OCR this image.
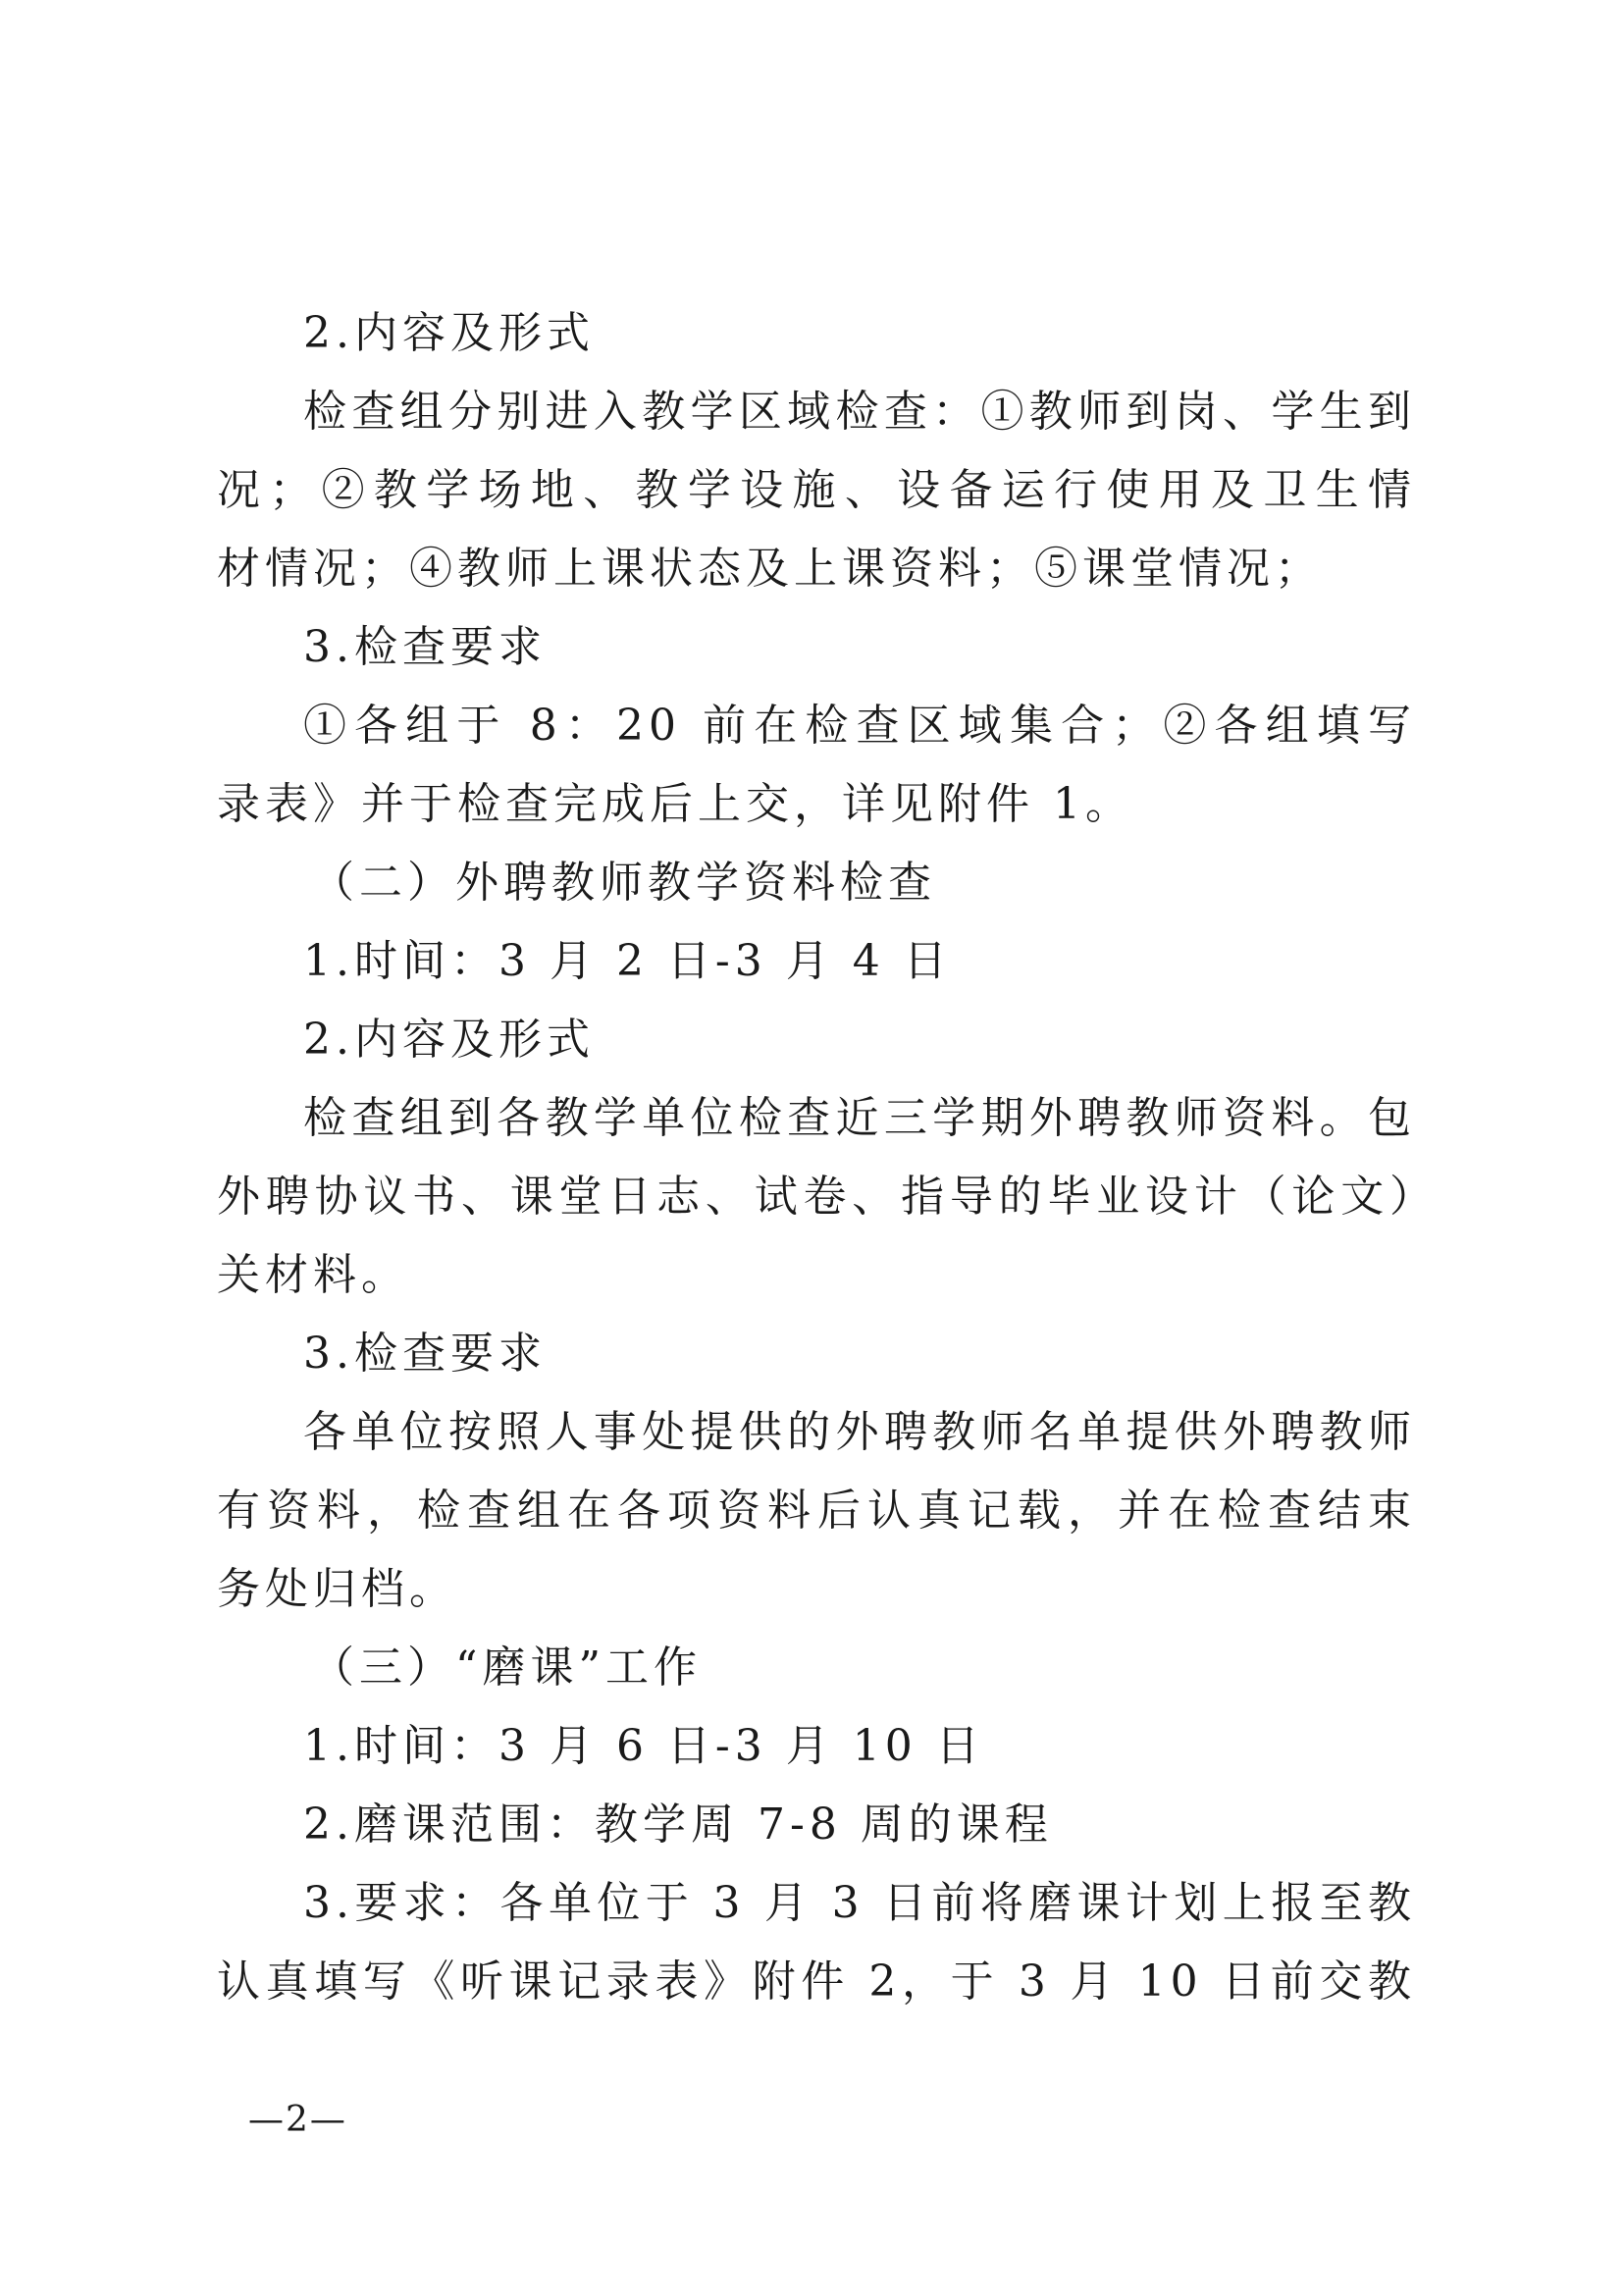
2.内容及形式
检查组分别进入教学区域检查：①教师到岗、学生到
况；②教学场地、教学设施、设备运行使用及卫生情
材情况；④教师上课状态及上课资料；⑤课堂情况；
3.检查要求
①各组于 8：20 前在检查区域集合；②各组填写
录表》并于检查完成后上交，详见附件 1。
（二）外聘教师教学资料检查
1.时间：3 月 2 日-3 月 4 日
2.内容及形式
检查组到各教学单位检查近三学期外聘教师资料。包
外聘协议书、课堂日志、试卷、指导的毕业设计（论文）
关材料。
3.检查要求
各单位按照人事处提供的外聘教师名单提供外聘教师
有资料，检查组在各项资料后认真记载，并在检查结束
务处归档。
（三）“磨课”工作
1.时间：3 月 6 日-3 月 10 日
2.磨课范围：教学周 7-8 周的课程
3.要求：各单位于 3 月 3 日前将磨课计划上报至教
认真填写《听课记录表》附件 2，于 3 月 10 日前交教
—2—
